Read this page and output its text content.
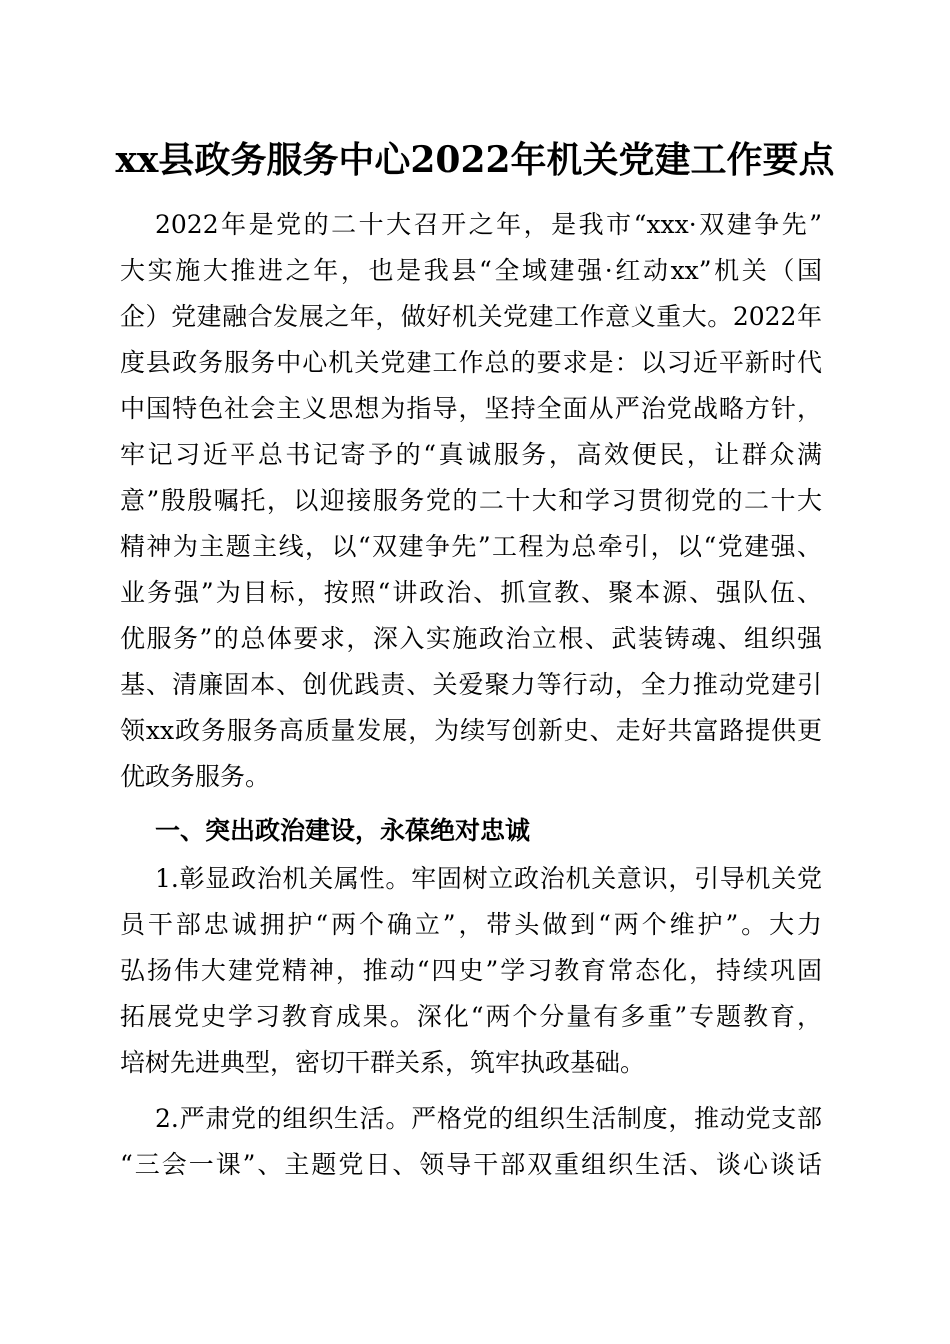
xx县政务服务中心2022年机关党建工作要点
2022年是党的二十大召开之年，是我市“xxx·双建争先”
大实施大推进之年，也是我县“全域建强·红动xx”机关（国
企）党建融合发展之年，做好机关党建工作意义重大。2022年
度县政务服务中心机关党建工作总的要求是：以习近平新时代
中国特色社会主义思想为指导，坚持全面从严治党战略方针，
牢记习近平总书记寄予的“真诚服务，高效便民，让群众满
意”殷殷嘱托，以迎接服务党的二十大和学习贯彻党的二十大
精神为主题主线，以“双建争先”工程为总牵引，以“党建强、
业务强”为目标，按照“讲政治、抓宣教、聚本源、强队伍、
优服务”的总体要求，深入实施政治立根、武装铸魂、组织强
基、清廉固本、创优践责、关爱聚力等行动，全力推动党建引
领xx政务服务高质量发展，为续写创新史、走好共富路提供更
优政务服务。
一、突出政治建设，永葆绝对忠诚
1.彰显政治机关属性。牢固树立政治机关意识，引导机关党
员干部忠诚拥护“两个确立”，带头做到“两个维护”。大力
弘扬伟大建党精神，推动“四史”学习教育常态化，持续巩固
拓展党史学习教育成果。深化“两个分量有多重”专题教育，
培树先进典型，密切干群关系，筑牢执政基础。
2.严肃党的组织生活。严格党的组织生活制度，推动党支部
“三会一课”、主题党日、领导干部双重组织生活、谈心谈话
